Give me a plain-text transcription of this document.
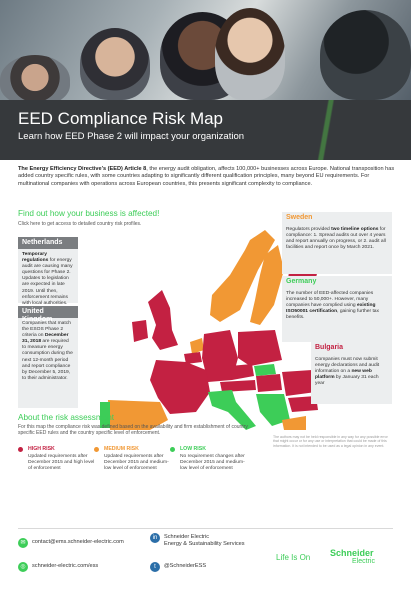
EED Compliance Risk Map
Learn how EED Phase 2 will impact your organization

The Energy Efficiency Directive’s (EED) Article 8, the energy audit obligation, affects 100,000+ businesses across Europe. National transposition has added country specific rules, with some countries adapting to significantly different qualification principles, many beyond EU requirements. For multinational companies with operations across European countries, this presents significant complexity to compliance.

Find out how your business is affected!
Click here to get access to detailed country risk profiles.
Netherlands
Temporary regulations for energy audit are causing many questions for Phase 2. Updates to legislation are expected in late 2019. Until then, enforcement remains with local authorities.
United Kingdom
Companies that match the ESOS Phase 2 criteria on December 31, 2018 are required to measure energy consumption during the next 12-month period and report compliance by December 5, 2019, to their administrator.
Sweden
Regulators provided two timeline options for compliance: 1. Spread audits out over 4 years and report annually on progress, or 2. audit all facilities and report once by March 2021.
Germany
The number of EED-affected companies increased to 50,000+. However, many companies have complied using existing ISO50001 certification, gaining further tax benefits.
Bulgaria
Companies must now submit energy declarations and audit information on a new web platform by January 31 each year
About the risk assessment
For this map the compliance risk was defined based on the availability and firm establishment of country specific EED rules and the country specific level of enforcement.
The authors may not be held responsible in any way for any possible error that might occur or for any use or interpretation that could be made of this information. It is not intended to be used as a legal opinion in any event.
HIGH RISK
Updated requirements after December 2015 and high level of enforcement
MEDIUM RISK
Updated requirements after December 2015 and medium-low level of enforcement
LOW RISK
No requirement changes after December 2015 and medium-low level of enforcement
✉	contact@ems.schneider-electric.com
◎	schneider-electric.com/ess
in	Schneider Electric
Energy & Sustainability Services
t	@SchneiderESS
Life Is On Schneider
Electric
